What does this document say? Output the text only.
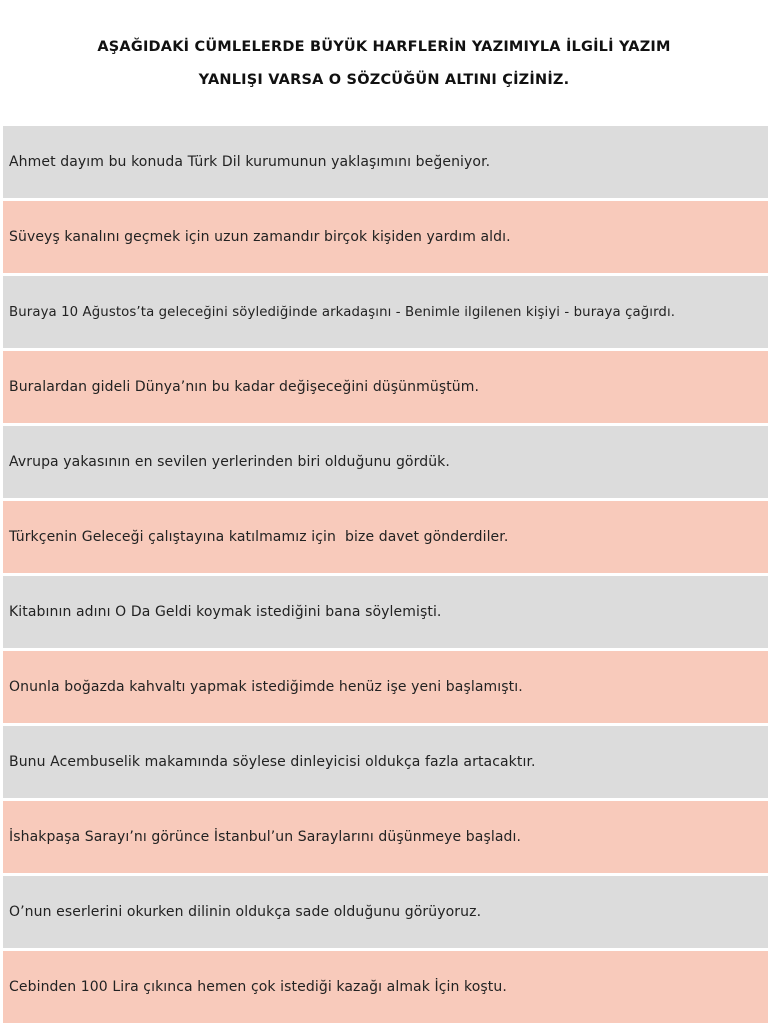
AŞAĞIDAKİ CÜMLELERDE BÜYÜK HARFLERİN YAZIMIYLA İLGİLİ YAZIM
YANLIŞI VARSA O SÖZCÜĞÜN ALTINI ÇİZİNİZ.
Ahmet dayım bu konuda Türk Dil kurumunun yaklaşımını beğeniyor.
Süveyş kanalını geçmek için uzun zamandır birçok kişiden yardım aldı.
Buraya 10 Ağustos’ta geleceğini söylediğinde arkadaşını - Benimle ilgilenen kişiyi - buraya çağırdı.
Buralardan gideli Dünya’nın bu kadar değişeceğini düşünmüştüm.
Avrupa yakasının en sevilen yerlerinden biri olduğunu gördük.
Türkçenin Geleceği çalıştayına katılmamız için  bize davet gönderdiler.
Kitabının adını O Da Geldi koymak istediğini bana söylemişti.
Onunla boğazda kahvaltı yapmak istediğimde henüz işe yeni başlamıştı.
Bunu Acembuselik makamında söylese dinleyicisi oldukça fazla artacaktır.
İshakpaşa Sarayı’nı görünce İstanbul’un Saraylarını düşünmeye başladı.
O’nun eserlerini okurken dilinin oldukça sade olduğunu görüyoruz.
Cebinden 100 Lira çıkınca hemen çok istediği kazağı almak İçin koştu.
